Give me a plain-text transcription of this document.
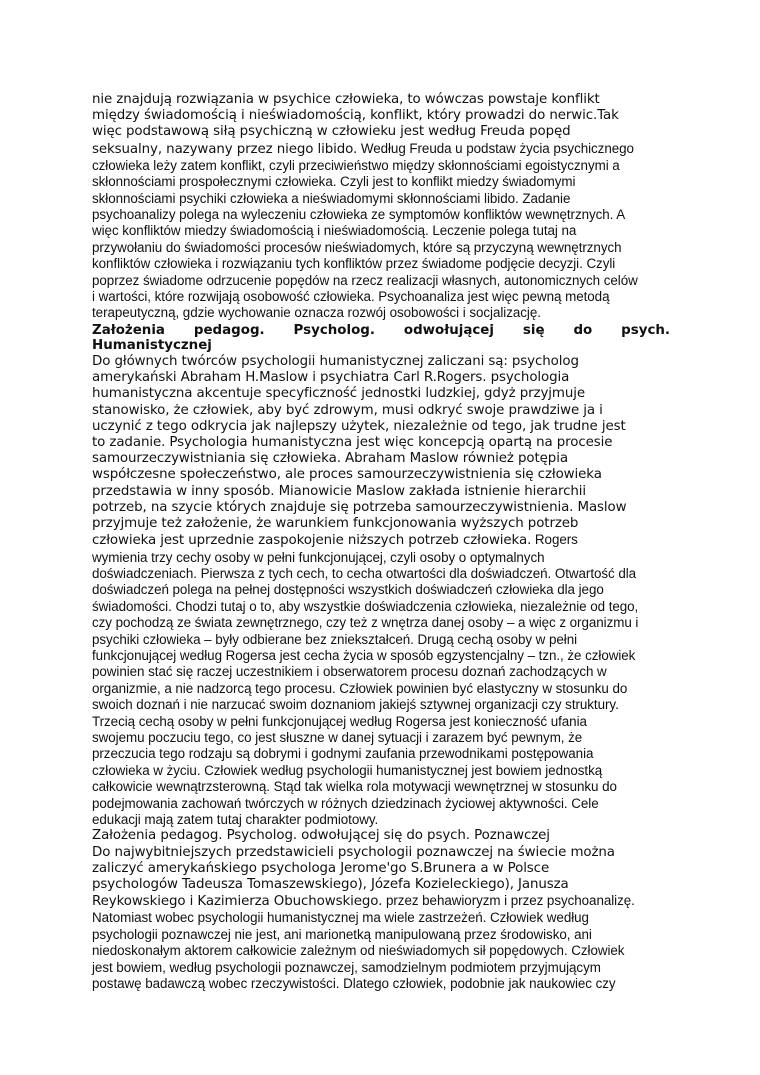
nie znajdują rozwiązania w psychice człowieka, to wówczas powstaje konflikt
między świadomością i nieświadomością, konflikt, który prowadzi do nerwic.Tak
więc podstawową siłą psychiczną w człowieku jest według Freuda popęd
seksualny, nazywany przez niego libido. Według Freuda u podstaw życia psychicznego
człowieka leży zatem konflikt, czyli przeciwieństwo między skłonnościami egoistycznymi a
skłonnościami prospołecznymi człowieka. Czyli jest to konflikt miedzy świadomymi
skłonnościami psychiki człowieka a nieświadomymi skłonnościami libido. Zadanie
psychoanalizy polega na wyleczeniu człowieka ze symptomów konfliktów wewnętrznych. A
więc konfliktów miedzy świadomością i nieświadomością. Leczenie polega tutaj na
przywołaniu do świadomości procesów nieświadomych, które są przyczyną wewnętrznych
konfliktów człowieka i rozwiązaniu tych konfliktów przez świadome podjęcie decyzji. Czyli
poprzez świadome odrzucenie popędów na rzecz realizacji własnych, autonomicznych celów
i wartości, które rozwijają osobowość człowieka. Psychoanaliza jest więc pewną metodą
terapeutyczną, gdzie wychowanie oznacza rozwój osobowości i socjalizację.
Założenia pedagog. Psycholog. odwołującej się do psych.
Humanistycznej
Do głównych twórców psychologii humanistycznej zaliczani są: psycholog
amerykański Abraham H.Maslow i psychiatra Carl R.Rogers. psychologia
humanistyczna akcentuje specyficzność jednostki ludzkiej, gdyż przyjmuje
stanowisko, że człowiek, aby być zdrowym, musi odkryć swoje prawdziwe ja i
uczynić z tego odkrycia jak najlepszy użytek, niezależnie od tego, jak trudne jest
to zadanie. Psychologia humanistyczna jest więc koncepcją opartą na procesie
samourzeczywistniania się człowieka. Abraham Maslow również potępia
współczesne społeczeństwo, ale proces samourzeczywistnienia się człowieka
przedstawia w inny sposób. Mianowicie Maslow zakłada istnienie hierarchii
potrzeb, na szycie których znajduje się potrzeba samourzeczywistnienia. Maslow
przyjmuje też założenie, że warunkiem funkcjonowania wyższych potrzeb
człowieka jest uprzednie zaspokojenie niższych potrzeb człowieka. Rogers
wymienia trzy cechy osoby w pełni funkcjonującej, czyli osoby o optymalnych
doświadczeniach. Pierwsza z tych cech, to cecha otwartości dla doświadczeń. Otwartość dla
doświadczeń polega na pełnej dostępności wszystkich doświadczeń człowieka dla jego
świadomości. Chodzi tutaj o to, aby wszystkie doświadczenia człowieka, niezależnie od tego,
czy pochodzą ze świata zewnętrznego, czy też z wnętrza danej osoby – a więc z organizmu i
psychiki człowieka – były odbierane bez zniekształceń. Drugą cechą osoby w pełni
funkcjonującej według Rogersa jest cecha życia w sposób egzystencjalny – tzn., że człowiek
powinien stać się raczej uczestnikiem i obserwatorem procesu doznań zachodzących w
organizmie, a nie nadzorcą tego procesu. Człowiek powinien być elastyczny w stosunku do
swoich doznań i nie narzucać swoim doznaniom jakiejś sztywnej organizacji czy struktury.
Trzecią cechą osoby w pełni funkcjonującej według Rogersa jest konieczność ufania
swojemu poczuciu tego, co jest słuszne w danej sytuacji i zarazem być pewnym, że
przeczucia tego rodzaju są dobrymi i godnymi zaufania przewodnikami postępowania
człowieka w życiu. Człowiek według psychologii humanistycznej jest bowiem jednostką
całkowicie wewnątrzsterowną. Stąd tak wielka rola motywacji wewnętrznej w stosunku do
podejmowania zachowań twórczych w różnych dziedzinach życiowej aktywności. Cele
edukacji mają zatem tutaj charakter podmiotowy.
Założenia pedagog. Psycholog. odwołującej się do psych. Poznawczej
Do najwybitniejszych przedstawicieli psychologii poznawczej na świecie można
zaliczyć amerykańskiego psychologa Jerome'go S.Brunera a w Polsce
psychologów Tadeusza Tomaszewskiego), Józefa Kozieleckiego), Janusza
Reykowskiego i Kazimierza Obuchowskiego. przez behawioryzm i przez psychoanalizę.
Natomiast wobec psychologii humanistycznej ma wiele zastrzeżeń. Człowiek według
psychologii poznawczej nie jest, ani marionetką manipulowaną przez środowisko, ani
niedoskonałym aktorem całkowicie zależnym od nieświadomych sił popędowych. Człowiek
jest bowiem, według psychologii poznawczej, samodzielnym podmiotem przyjmującym
postawę badawczą wobec rzeczywistości. Dlatego człowiek, podobnie jak naukowiec czy
